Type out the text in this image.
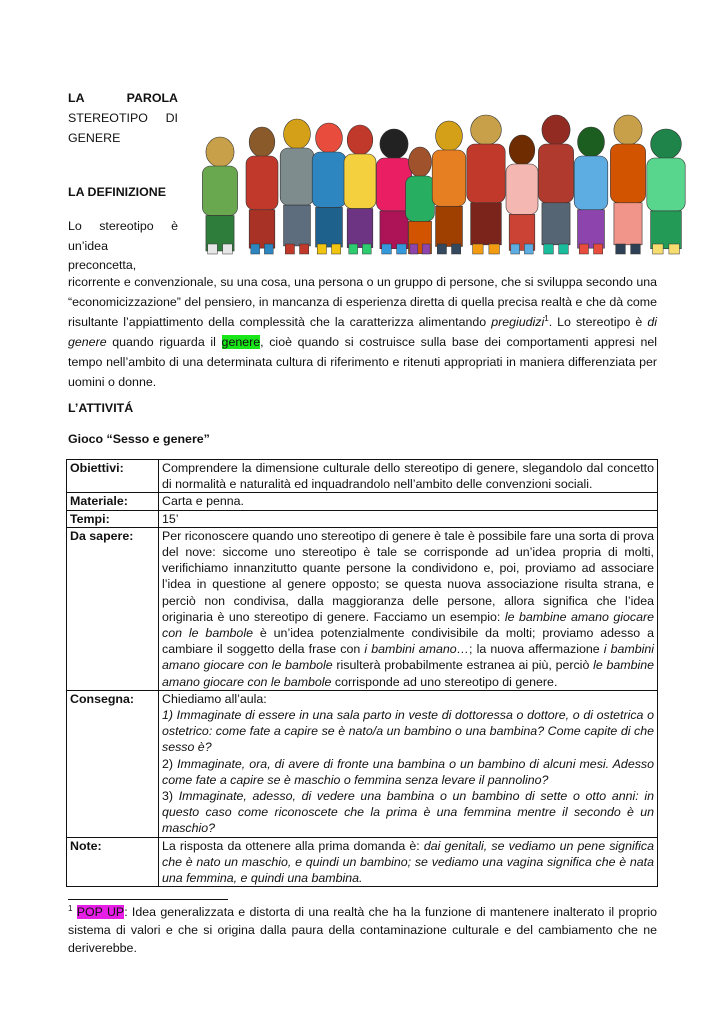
LA	PAROLA
STEREOTIPO DI
GENERE
LA DEFINIZIONE
Lo stereotipo è
un’idea
preconcetta,
ricorrente e convenzionale, su una cosa, una persona o un gruppo di persone, che si sviluppa secondo una “economicizzazione” del pensiero, in mancanza di esperienza diretta di quella precisa realtà e che dà come risultante l’appiattimento della complessità che la caratterizza alimentando pregiudizi$^1$. Lo stereotipo è di genere quando riguarda il genere, cioè quando si costruisce sulla base dei comportamenti appresi nel tempo nell’ambito di una determinata cultura di riferimento e ritenuti appropriati in maniera differenziata per uomini o donne.
L’ATTIVITÁ
Gioco “Sesso e genere”
Obiettivi:	Comprendere la dimensione culturale dello stereotipo di genere, slegandolo dal concetto di normalità e naturalità ed inquadrandolo nell’ambito delle convenzioni sociali.
Materiale:	Carta e penna.
Tempi:	15’
Da sapere:	Per riconoscere quando uno stereotipo di genere è tale è possibile fare una sorta di prova del nove: siccome uno stereotipo è tale se corrisponde ad un’idea propria di molti, verifichiamo innanzitutto quante persone la condividono e, poi, proviamo ad associare l’idea in questione al genere opposto; se questa nuova associazione risulta strana, e perciò non condivisa, dalla maggioranza delle persone, allora significa che l’idea originaria è uno stereotipo di genere. Facciamo un esempio: le bambine amano giocare con le bambole è un’idea potenzialmente condivisibile da molti; proviamo adesso a cambiare il soggetto della frase con i bambini amano…; la nuova affermazione i bambini amano giocare con le bambole risulterà probabilmente estranea ai più, perciò le bambine amano giocare con le bambole corrisponde ad uno stereotipo di genere.
Consegna:	Chiediamo all’aula:
1) Immaginate di essere in una sala parto in veste di dottoressa o dottore, o di ostetrica o ostetrico: come fate a capire se è nato/a un bambino o una bambina? Come capite di che sesso è?
2) Immaginate, ora, di avere di fronte una bambina o un bambino di alcuni mesi. Adesso come fate a capire se è maschio o femmina senza levare il pannolino?
3) Immaginate, adesso, di vedere una bambina o un bambino di sette o otto anni: in questo caso come riconoscete che la prima è una femmina mentre il secondo è un maschio?

Note:	La risposta da ottenere alla prima domanda è: dai genitali, se vediamo un pene significa che è nato un maschio, e quindi un bambino; se vediamo una vagina significa che è nata una femmina, e quindi una bambina.
$^1$ POP UP: Idea generalizzata e distorta di una realtà che ha la funzione di mantenere inalterato il proprio sistema di valori e che si origina dalla paura della contaminazione culturale e del cambiamento che ne deriverebbe.
